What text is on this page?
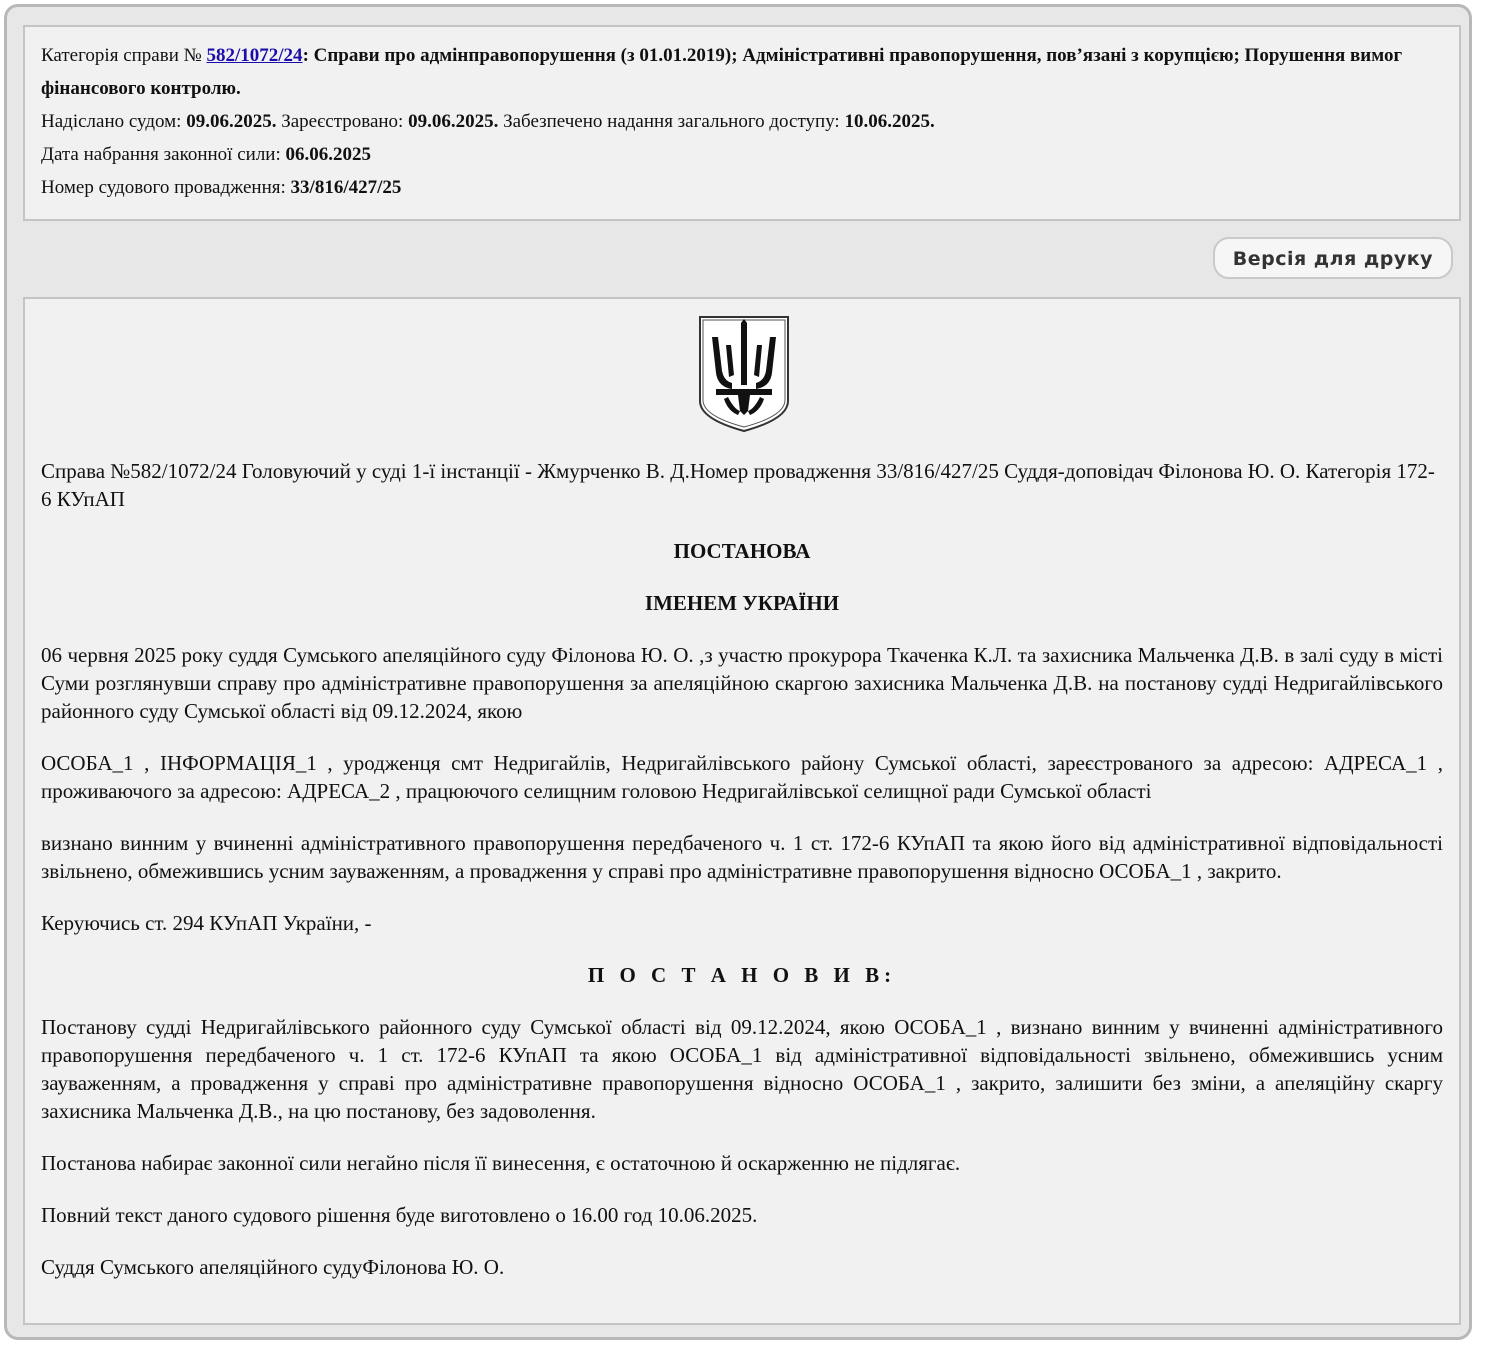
Категорія справи № 582/1072/24: Справи про адмінправопорушення (з 01.01.2019); Адміністративні правопорушення, пов’язані з корупцією; Порушення вимог фінансового контролю.
Надіслано судом: 09.06.2025. Зареєстровано: 09.06.2025. Забезпечено надання загального доступу: 10.06.2025.
Дата набрання законної сили: 06.06.2025
Номер судового провадження: 33/816/427/25
Версія для друку

Справа №582/1072/24 Головуючий у суді 1-ї інстанції - Жмурченко В. Д.Номер провадження 33/816/427/25 Суддя-доповідач Філонова Ю. О. Категорія 172-6 КУпАП

ПОСТАНОВА

ІМЕНЕМ УКРАЇНИ

06 червня 2025 року суддя Сумського апеляційного суду Філонова Ю. О. ,з участю прокурора Ткаченка К.Л. та захисника Мальченка Д.В. в залі суду в місті Суми розглянувши справу про адміністративне правопорушення за апеляційною скаргою захисника Мальченка Д.В. на постанову судді Недригайлівського районного суду Сумської області від 09.12.2024, якою

ОСОБА_1 , ІНФОРМАЦІЯ_1 , уродженця смт Недригайлів, Недригайлівського району Сумської області, зареєстрованого за адресою: АДРЕСА_1 , проживаючого за адресою: АДРЕСА_2 , працюючого селищним головою Недригайлівської селищної ради Сумської області

визнано винним у вчиненні адміністративного правопорушення передбаченого ч. 1 ст. 172-6 КУпАП та якою його від адміністративної відповідальності звільнено, обмежившись усним зауваженням, а провадження у справі про адміністративне правопорушення відносно ОСОБА_1 , закрито.

Керуючись ст. 294 КУпАП України, -

П О С Т А Н О В И В:

Постанову судді Недригайлівського районного суду Сумської області від 09.12.2024, якою ОСОБА_1 , визнано винним у вчиненні адміністративного правопорушення передбаченого ч. 1 ст. 172-6 КУпАП та якою ОСОБА_1 від адміністративної відповідальності звільнено, обмежившись усним зауваженням, а провадження у справі про адміністративне правопорушення відносно ОСОБА_1 , закрито, залишити без зміни, а апеляційну скаргу захисника Мальченка Д.В., на цю постанову, без задоволення.

Постанова набирає законної сили негайно після її винесення, є остаточною й оскарженню не підлягає.

Повний текст даного судового рішення буде виготовлено о 16.00 год 10.06.2025.

Суддя Сумського апеляційного судуФілонова Ю. О.
